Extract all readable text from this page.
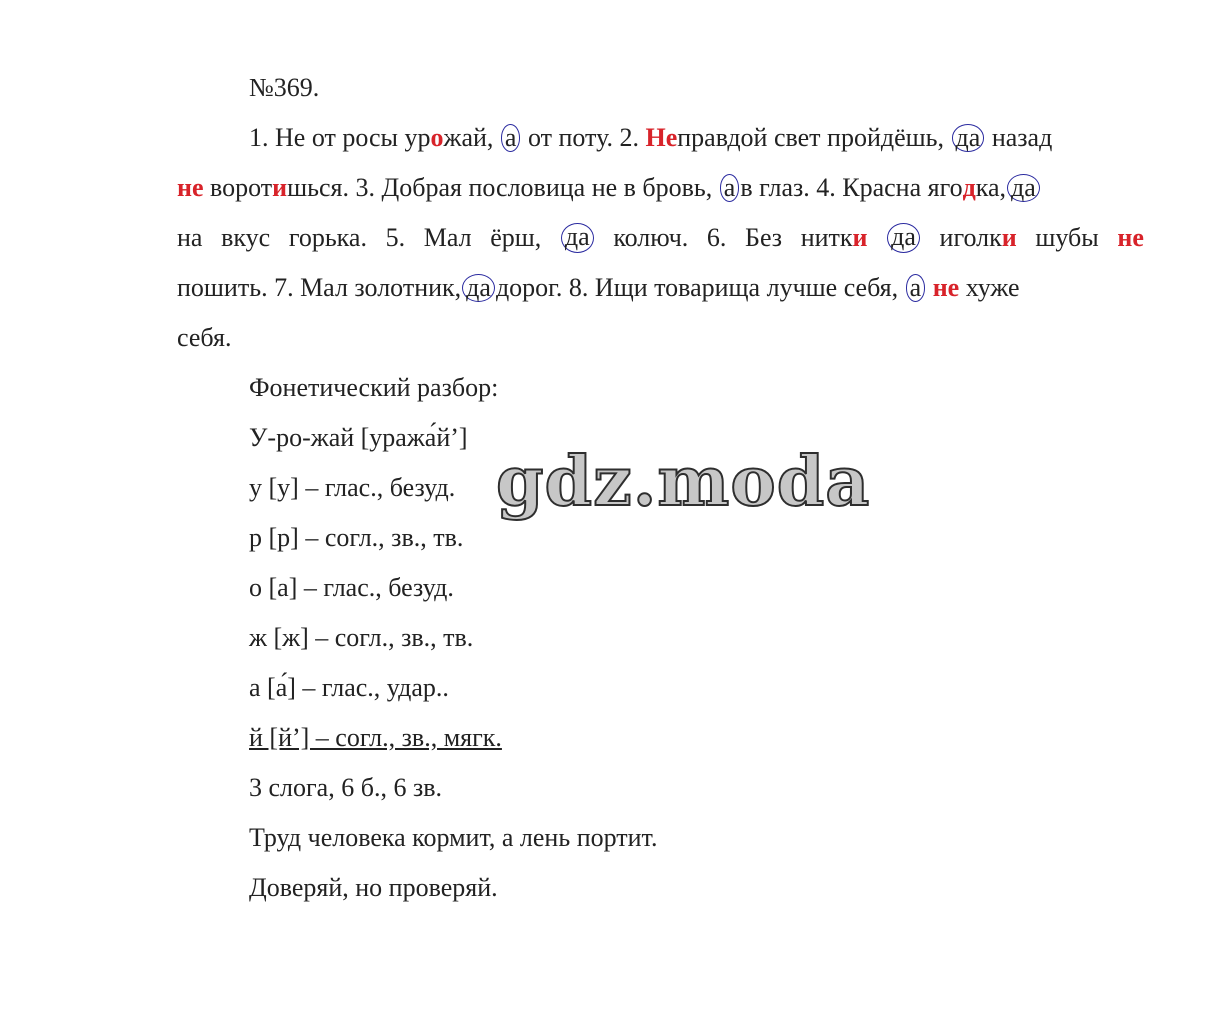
gdz.moda
№369.
1. Не от росы урожай, а от поту. 2. Неправдой свет пройдёшь, да назад
не воротишься. 3. Добрая пословица не в бровь, а в глаз. 4. Красна ягодка, да
на вкус горька. 5. Мал ёрш, да колюч. 6. Без нитки да иголки шубы не
пошить. 7. Мал золотник, да дорог. 8. Ищи товарища лучше себя, а не хуже
себя.
Фонетический разбор:
У-ро-жай [уража́й’]
у [у] – глас., безуд.
р [р] – согл., зв., тв.
о [а] – глас., безуд.
ж [ж] – согл., зв., тв.
а [а́] – глас., удар..
й [й’] – согл., зв., мягк.
3 слога, 6 б., 6 зв.
Труд человека кормит, а лень портит.
Доверяй, но проверяй.
